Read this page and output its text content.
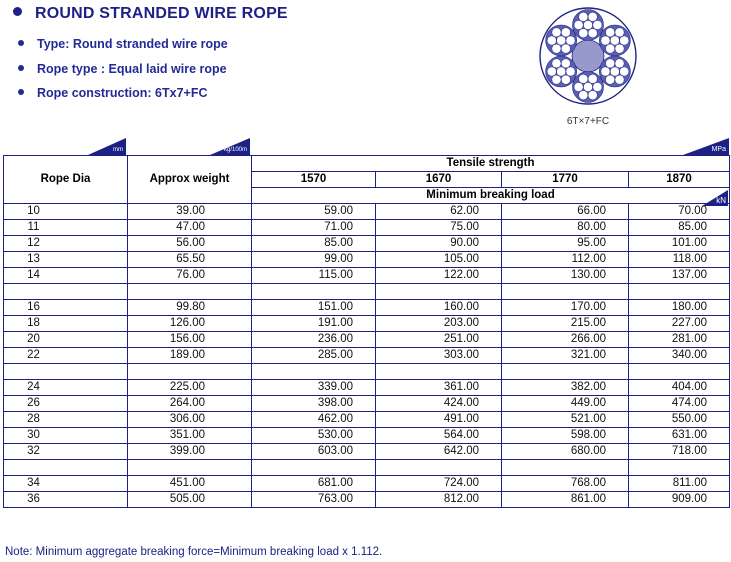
ROUND STRANDED WIRE ROPE
Type: Round stranded wire rope
Rope type : Equal laid wire rope
Rope construction: 6Tx7+FC
6T×7+FC
mm	kg/100m	MPa
kN
Rope Dia	Approx weight	Tensile strength			
		1570	1670	1770	1870
		Minimum breaking load			
10	39.00	59.00	62.00	66.00	70.00
11	47.00	71.00	75.00	80.00	85.00
12	56.00	85.00	90.00	95.00	101.00
13	65.50	99.00	105.00	112.00	118.00
14	76.00	115.00	122.00	130.00	137.00

16	99.80	151.00	160.00	170.00	180.00
18	126.00	191.00	203.00	215.00	227.00
20	156.00	236.00	251.00	266.00	281.00
22	189.00	285.00	303.00	321.00	340.00

24	225.00	339.00	361.00	382.00	404.00
26	264.00	398.00	424.00	449.00	474.00
28	306.00	462.00	491.00	521.00	550.00
30	351.00	530.00	564.00	598.00	631.00
32	399.00	603.00	642.00	680.00	718.00

34	451.00	681.00	724.00	768.00	811.00
36	505.00	763.00	812.00	861.00	909.00
Note: Minimum aggregate breaking force=Minimum breaking load x 1.112.
